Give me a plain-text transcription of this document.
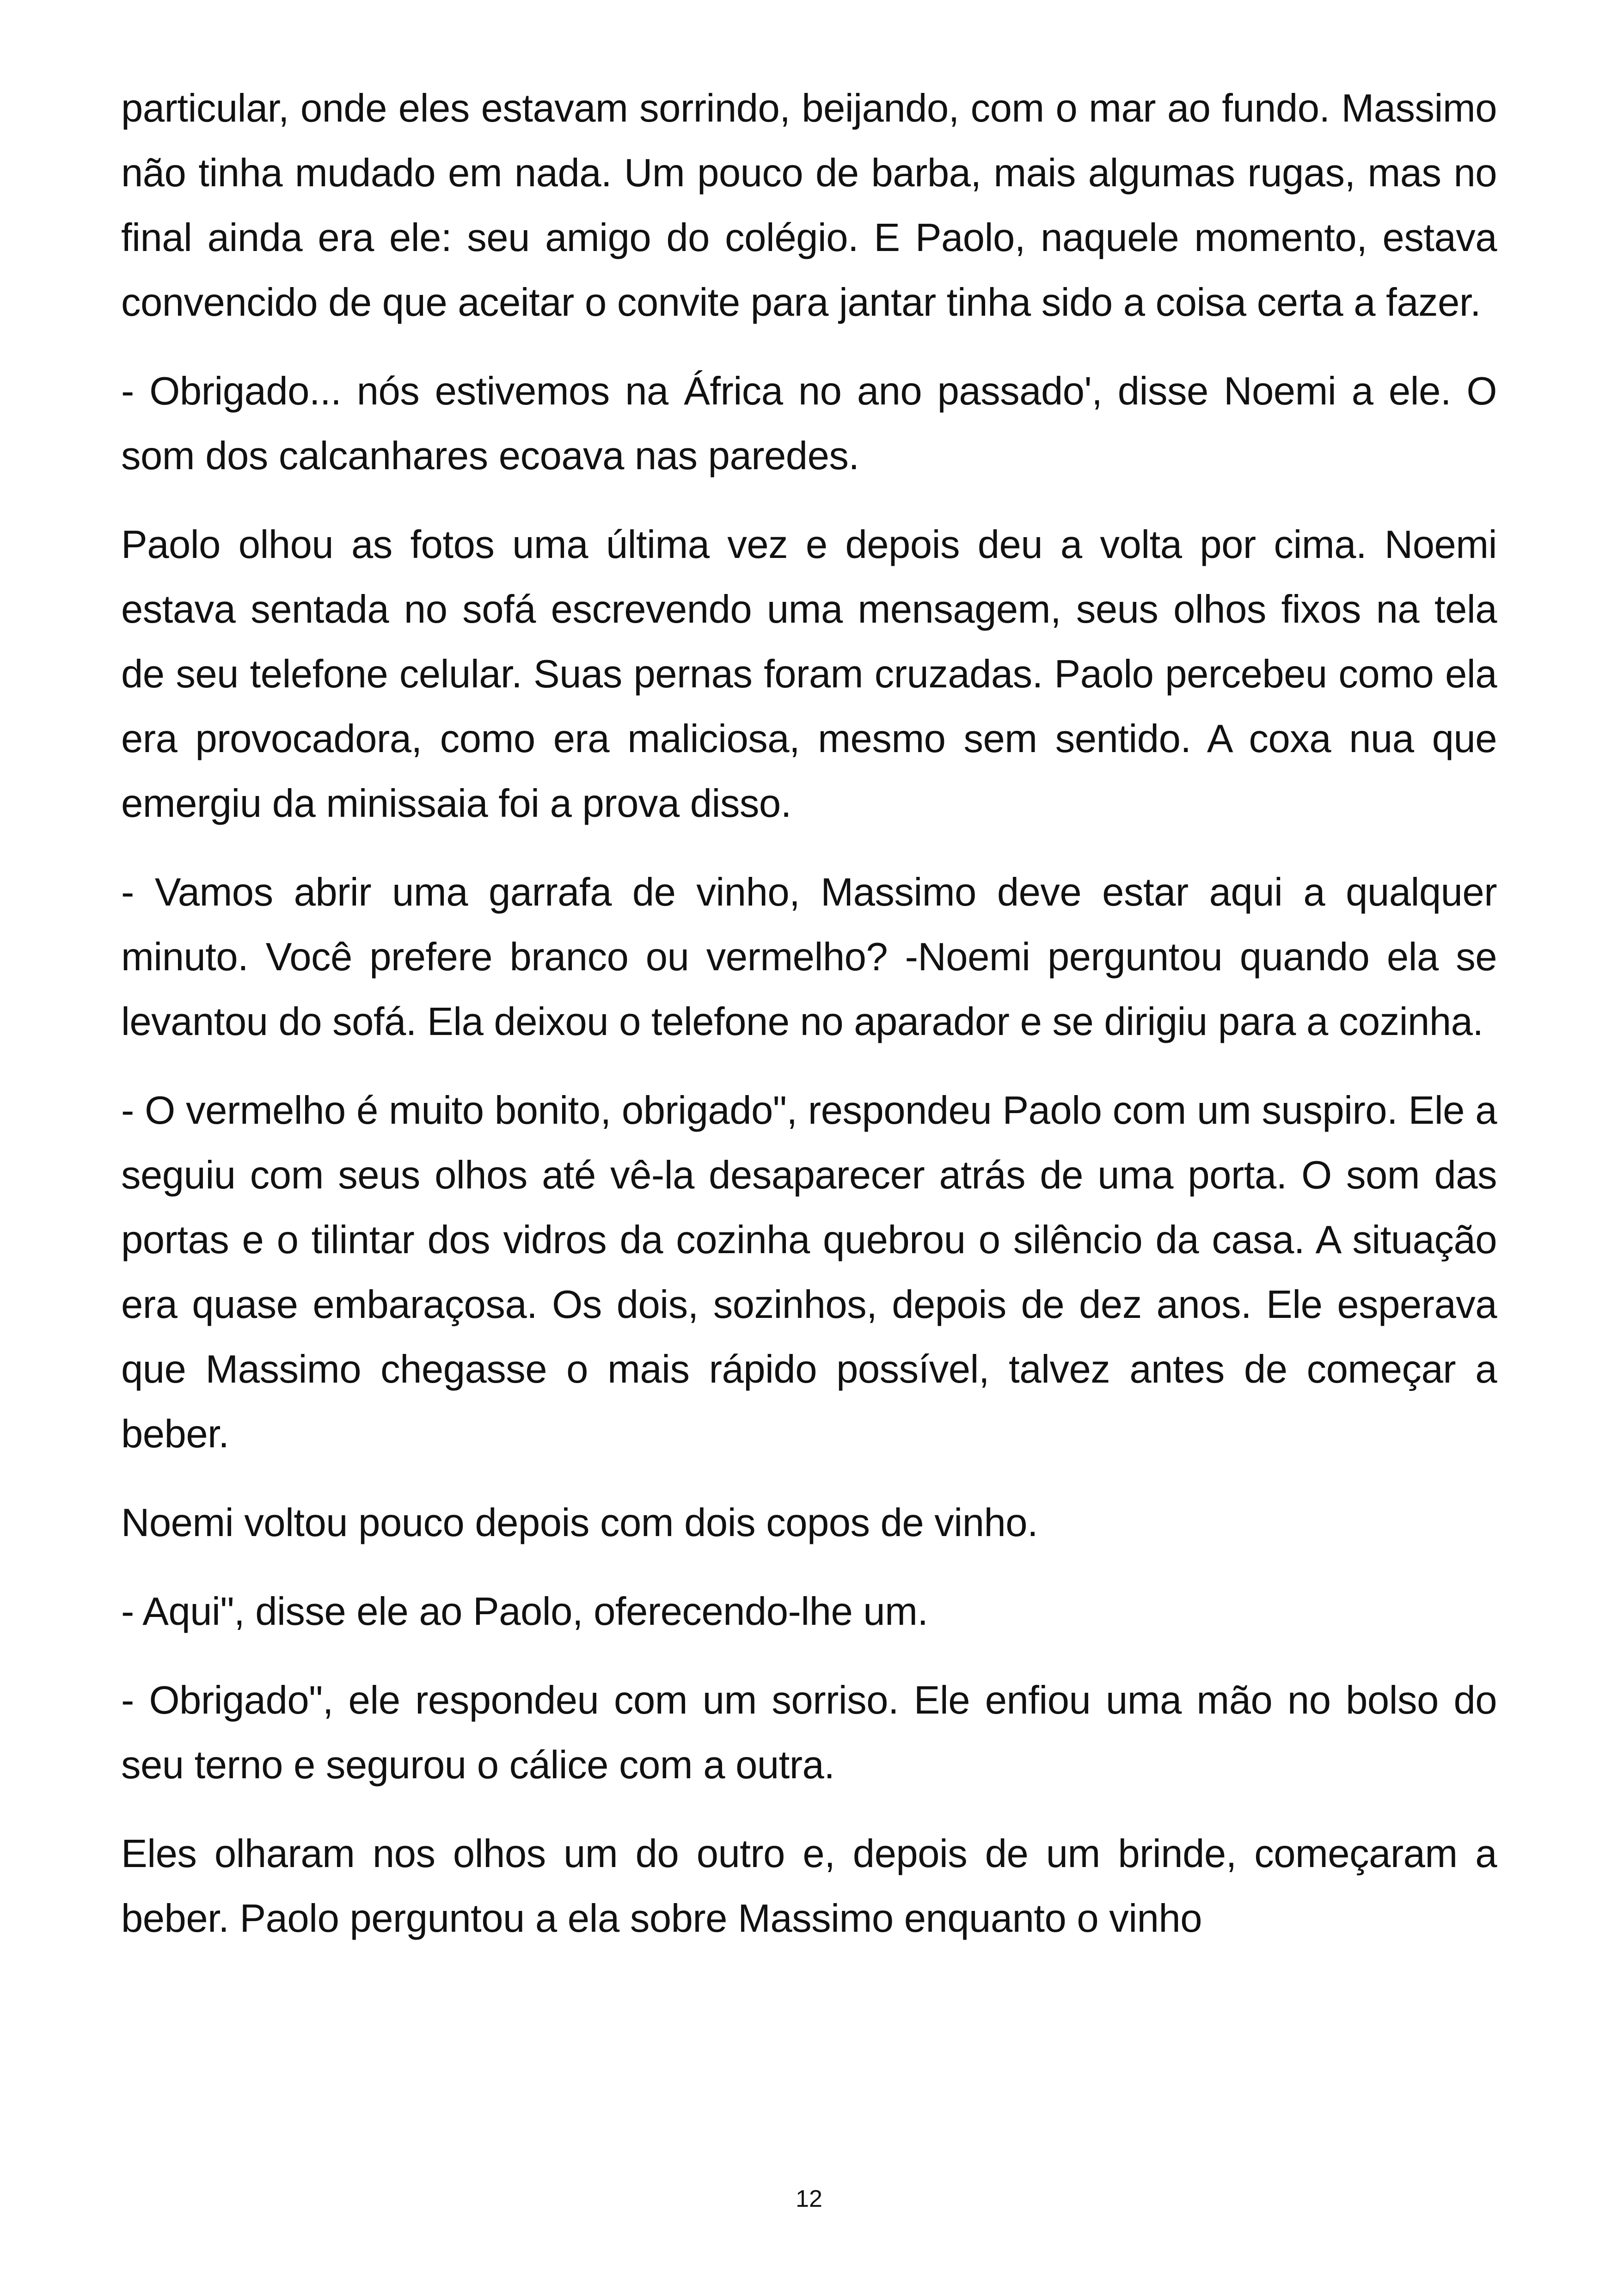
particular, onde eles estavam sorrindo, beijando, com o mar ao fundo. Massimo não tinha mudado em nada. Um pouco de barba, mais algumas rugas, mas no final ainda era ele: seu amigo do colégio. E Paolo, naquele momento, estava convencido de que aceitar o convite para jantar tinha sido a coisa certa a fazer.

- Obrigado... nós estivemos na África no ano passado', disse Noemi a ele. O som dos calcanhares ecoava nas paredes.

Paolo olhou as fotos uma última vez e depois deu a volta por cima. Noemi estava sentada no sofá escrevendo uma mensagem, seus olhos fixos na tela de seu telefone celular. Suas pernas foram cruzadas. Paolo percebeu como ela era provocadora, como era maliciosa, mesmo sem sentido. A coxa nua que emergiu da minissaia foi a prova disso.

- Vamos abrir uma garrafa de vinho, Massimo deve estar aqui a qualquer minuto. Você prefere branco ou vermelho? -Noemi perguntou quando ela se levantou do sofá. Ela deixou o telefone no aparador e se dirigiu para a cozinha.

- O vermelho é muito bonito, obrigado", respondeu Paolo com um suspiro. Ele a seguiu com seus olhos até vê-la desaparecer atrás de uma porta. O som das portas e o tilintar dos vidros da cozinha quebrou o silêncio da casa. A situação era quase embaraçosa. Os dois, sozinhos, depois de dez anos. Ele esperava que Massimo chegasse o mais rápido possível, talvez antes de começar a beber.

Noemi voltou pouco depois com dois copos de vinho.

- Aqui", disse ele ao Paolo, oferecendo-lhe um.

- Obrigado", ele respondeu com um sorriso. Ele enfiou uma mão no bolso do seu terno e segurou o cálice com a outra.

Eles olharam nos olhos um do outro e, depois de um brinde, começaram a beber. Paolo perguntou a ela sobre Massimo enquanto o vinho

12
